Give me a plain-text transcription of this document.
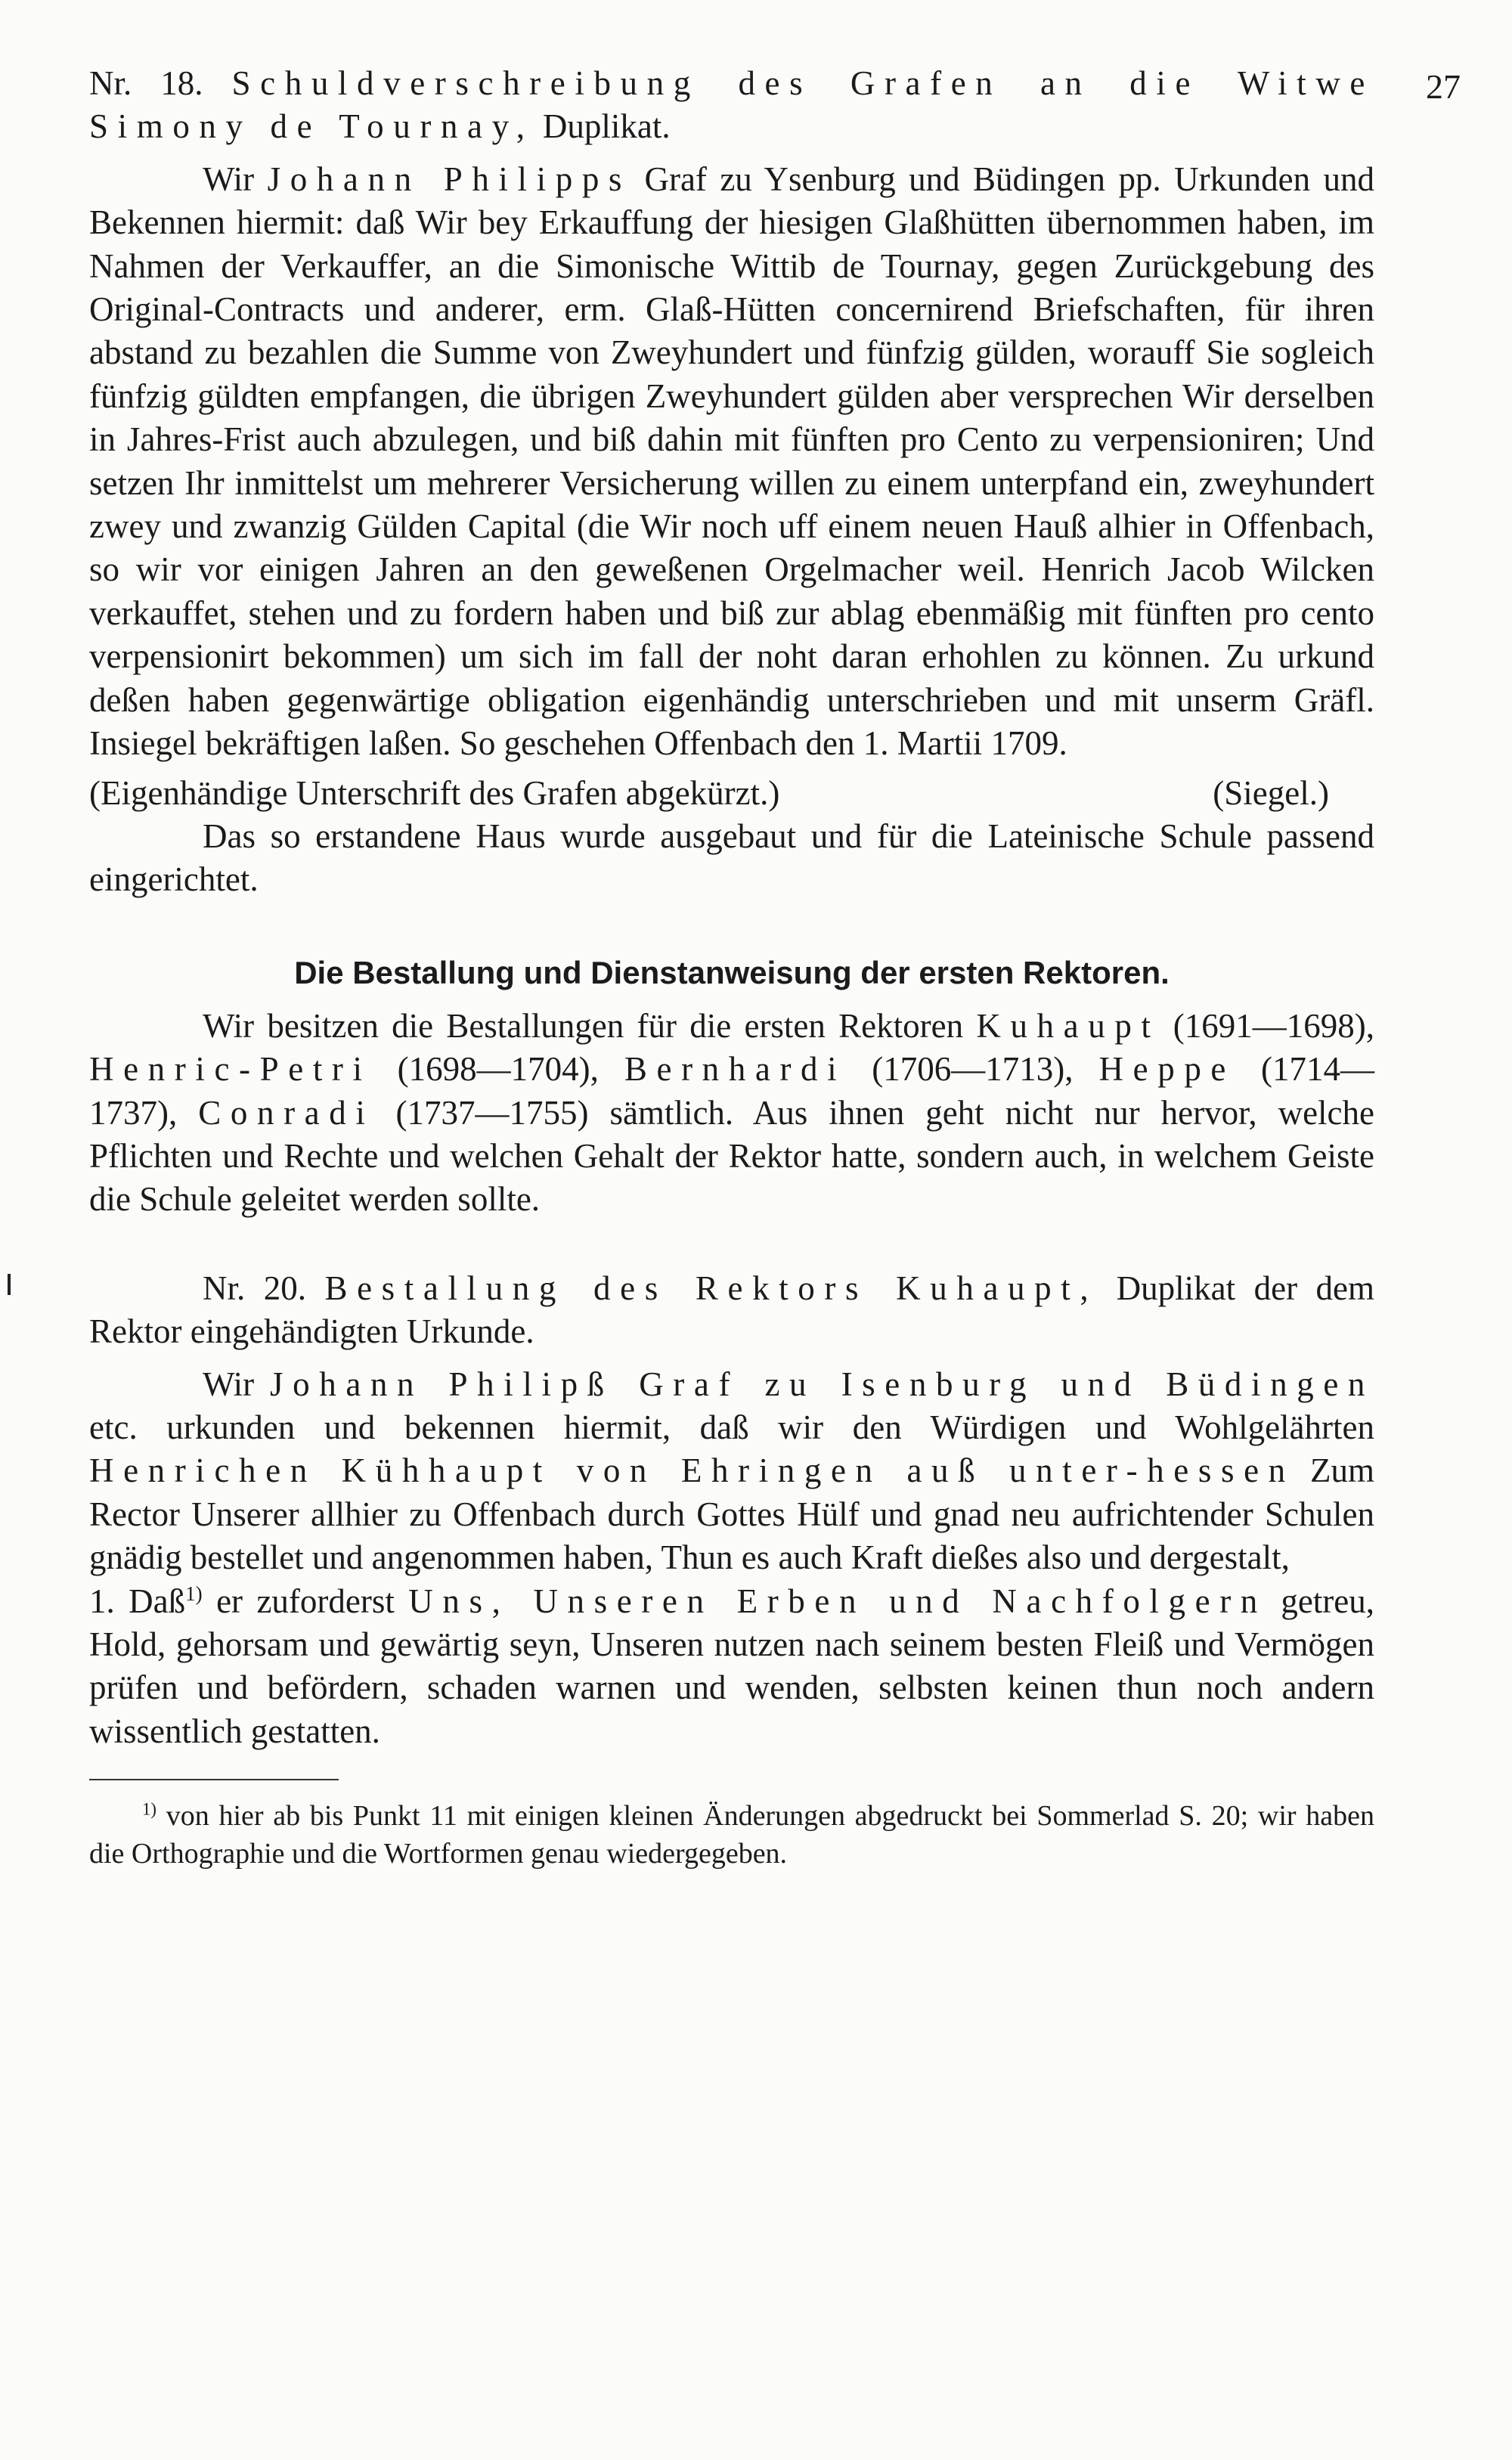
27

Nr. 18. Schuldverschreibung des Grafen an die Witwe Simony de Tournay, Duplikat.

Wir Johann Philipps Graf zu Ysenburg und Büdingen pp. Urkunden und Bekennen hiermit: daß Wir bey Erkauffung der hiesigen Glaßhütten übernommen haben, im Nahmen der Verkauffer, an die Simonische Wittib de Tournay, gegen Zurückgebung des Original-Contracts und anderer, erm. Glaß-Hütten concernirend Briefschaften, für ihren abstand zu bezahlen die Summe von Zweyhundert und fünfzig gülden, worauff Sie sogleich fünfzig güldten empfangen, die übrigen Zweyhundert gülden aber versprechen Wir derselben in Jahres-Frist auch abzulegen, und biß dahin mit fünften pro Cento zu verpensioniren; Und setzen Ihr inmittelst um mehrerer Versicherung willen zu einem unterpfand ein, zweyhundert zwey und zwanzig Gülden Capital (die Wir noch uff einem neuen Hauß alhier in Offenbach, so wir vor einigen Jahren an den geweßenen Orgelmacher weil. Henrich Jacob Wilcken verkauffet, stehen und zu fordern haben und biß zur ablag ebenmäßig mit fünften pro cento verpensionirt bekommen) um sich im fall der noht daran erhohlen zu können. Zu urkund deßen haben gegenwärtige obligation eigenhändig unterschrieben und mit unserm Gräfl. Insiegel bekräftigen laßen. So geschehen Offenbach den 1. Martii 1709.

(Eigenhändige Unterschrift des Grafen abgekürzt.)	(Siegel.)

Das so erstandene Haus wurde ausgebaut und für die Lateinische Schule passend eingerichtet.

Die Bestallung und Dienstanweisung der ersten Rektoren.

Wir besitzen die Bestallungen für die ersten Rektoren Kuhaupt (1691—1698), Henric-Petri (1698—1704), Bernhardi (1706—1713), Heppe (1714—1737), Conradi (1737—1755) sämtlich. Aus ihnen geht nicht nur hervor, welche Pflichten und Rechte und welchen Gehalt der Rektor hatte, sondern auch, in welchem Geiste die Schule geleitet werden sollte.

Nr. 20. Bestallung des Rektors Kuhaupt, Duplikat der dem Rektor eingehändigten Urkunde.

Wir Johann Philipß Graf zu Isenburg und Büdingen etc. urkunden und bekennen hiermit, daß wir den Würdigen und Wohlgelährten Henrichen Kühhaupt von Ehringen auß unter-hessen Zum Rector Unserer allhier zu Offenbach durch Gottes Hülf und gnad neu aufrichtender Schulen gnädig bestellet und angenommen haben, Thun es auch Kraft dießes also und dergestalt,

1. Daß$^{1)}$ er zuforderst Uns, Unseren Erben und Nachfolgern getreu, Hold, gehorsam und gewärtig seyn, Unseren nutzen nach seinem besten Fleiß und Vermögen prüfen und befördern, schaden warnen und wenden, selbsten keinen thun noch andern wissentlich gestatten.

$^{1)}$ von hier ab bis Punkt 11 mit einigen kleinen Änderungen abgedruckt bei Sommerlad S. 20; wir haben die Orthographie und die Wortformen genau wiedergegeben.
